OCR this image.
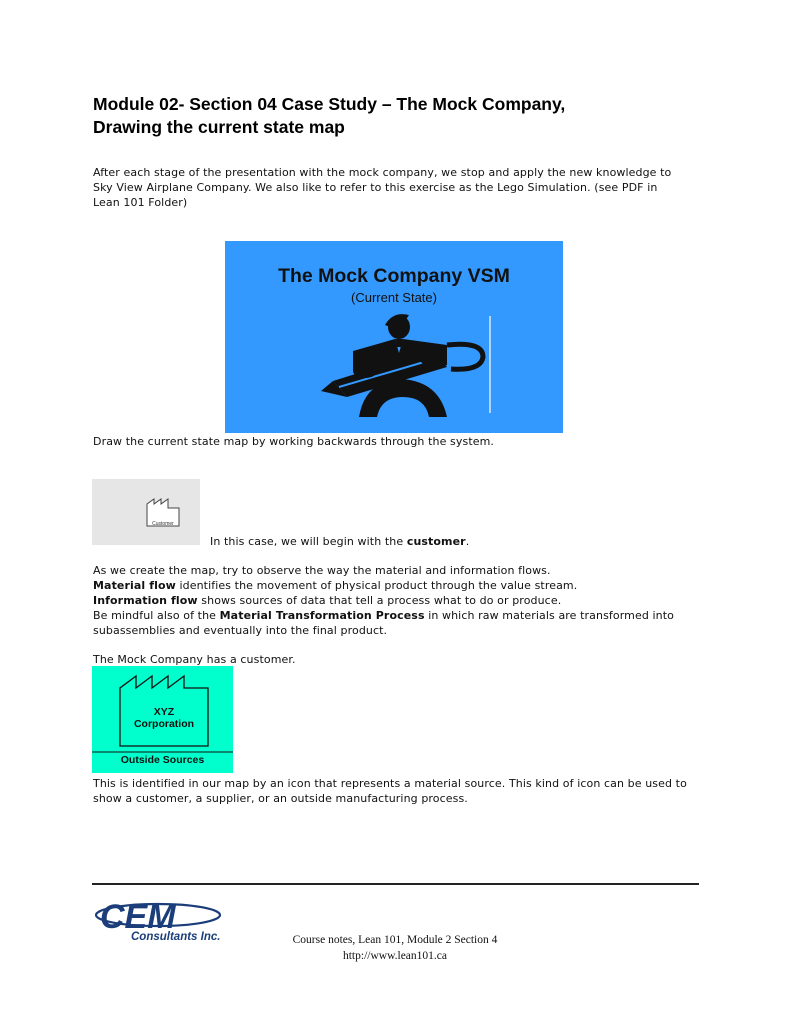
Module 02- Section 04 Case Study – The Mock Company,
Drawing the current state map
After each stage of the presentation with the mock company, we stop and apply the new knowledge to
Sky View Airplane Company. We also like to refer to this exercise as the Lego Simulation. (see PDF in
Lean 101 Folder)
The Mock Company VSM
(Current State)
Draw the current state map by working backwards through the system.
Customer
In this case, we will begin with the customer.
As we create the map, try to observe the way the material and information flows.
Material flow identifies the movement of physical product through the value stream.
Information flow shows sources of data that tell a process what to do or produce.
Be mindful also of the Material Transformation Process in which raw materials are transformed into
subassemblies and eventually into the final product.
The Mock Company has a customer.
XYZ
Corporation
Outside Sources
This is identified in our map by an icon that represents a material source. This kind of icon can be used to
show a customer, a supplier, or an outside manufacturing process.
CEM
Consultants Inc.	Course notes, Lean 101, Module 2 Section 4
http://www.lean101.ca
